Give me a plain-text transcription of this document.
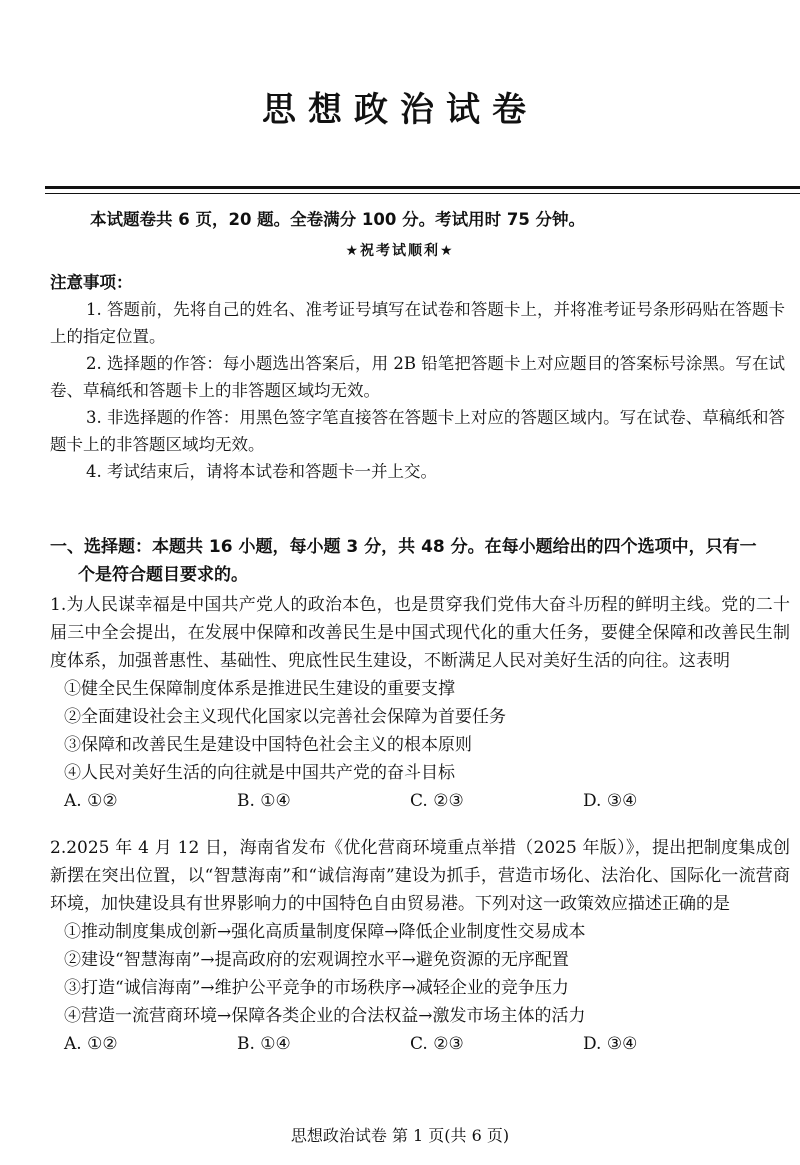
思想政治试卷
本试题卷共 6 页，20 题。全卷满分 100 分。考试用时 75 分钟。
★祝考试顺利★
注意事项：

1. 答题前，先将自己的姓名、准考证号填写在试卷和答题卡上，并将准考证号条形码贴在答题卡上的指定位置。

2. 选择题的作答：每小题选出答案后，用 2B 铅笔把答题卡上对应题目的答案标号涂黑。写在试卷、草稿纸和答题卡上的非答题区域均无效。

3. 非选择题的作答：用黑色签字笔直接答在答题卡上对应的答题区域内。写在试卷、草稿纸和答题卡上的非答题区域均无效。

4. 考试结束后，请将本试卷和答题卡一并上交。

一、选择题：本题共 16 小题，每小题 3 分，共 48 分。在每小题给出的四个选项中，只有一
个是符合题目要求的。
1.为人民谋幸福是中国共产党人的政治本色，也是贯穿我们党伟大奋斗历程的鲜明主线。党的二十届三中全会提出，在发展中保障和改善民生是中国式现代化的重大任务，要健全保障和改善民生制度体系，加强普惠性、基础性、兜底性民生建设，不断满足人民对美好生活的向往。这表明
①健全民生保障制度体系是推进民生建设的重要支撑
②全面建设社会主义现代化国家以完善社会保障为首要任务
③保障和改善民生是建设中国特色社会主义的根本原则
④人民对美好生活的向往就是中国共产党的奋斗目标
A. ①②	B. ①④	C. ②③	D. ③④
2.2025 年 4 月 12 日，海南省发布《优化营商环境重点举措（2025 年版）》，提出把制度集成创新摆在突出位置，以“智慧海南”和“诚信海南”建设为抓手，营造市场化、法治化、国际化一流营商环境，加快建设具有世界影响力的中国特色自由贸易港。下列对这一政策效应描述正确的是
①推动制度集成创新→强化高质量制度保障→降低企业制度性交易成本
②建设“智慧海南”→提高政府的宏观调控水平→避免资源的无序配置
③打造“诚信海南”→维护公平竞争的市场秩序→减轻企业的竞争压力
④营造一流营商环境→保障各类企业的合法权益→激发市场主体的活力
A. ①②	B. ①④	C. ②③	D. ③④
思想政治试卷 第 1 页(共 6 页)
